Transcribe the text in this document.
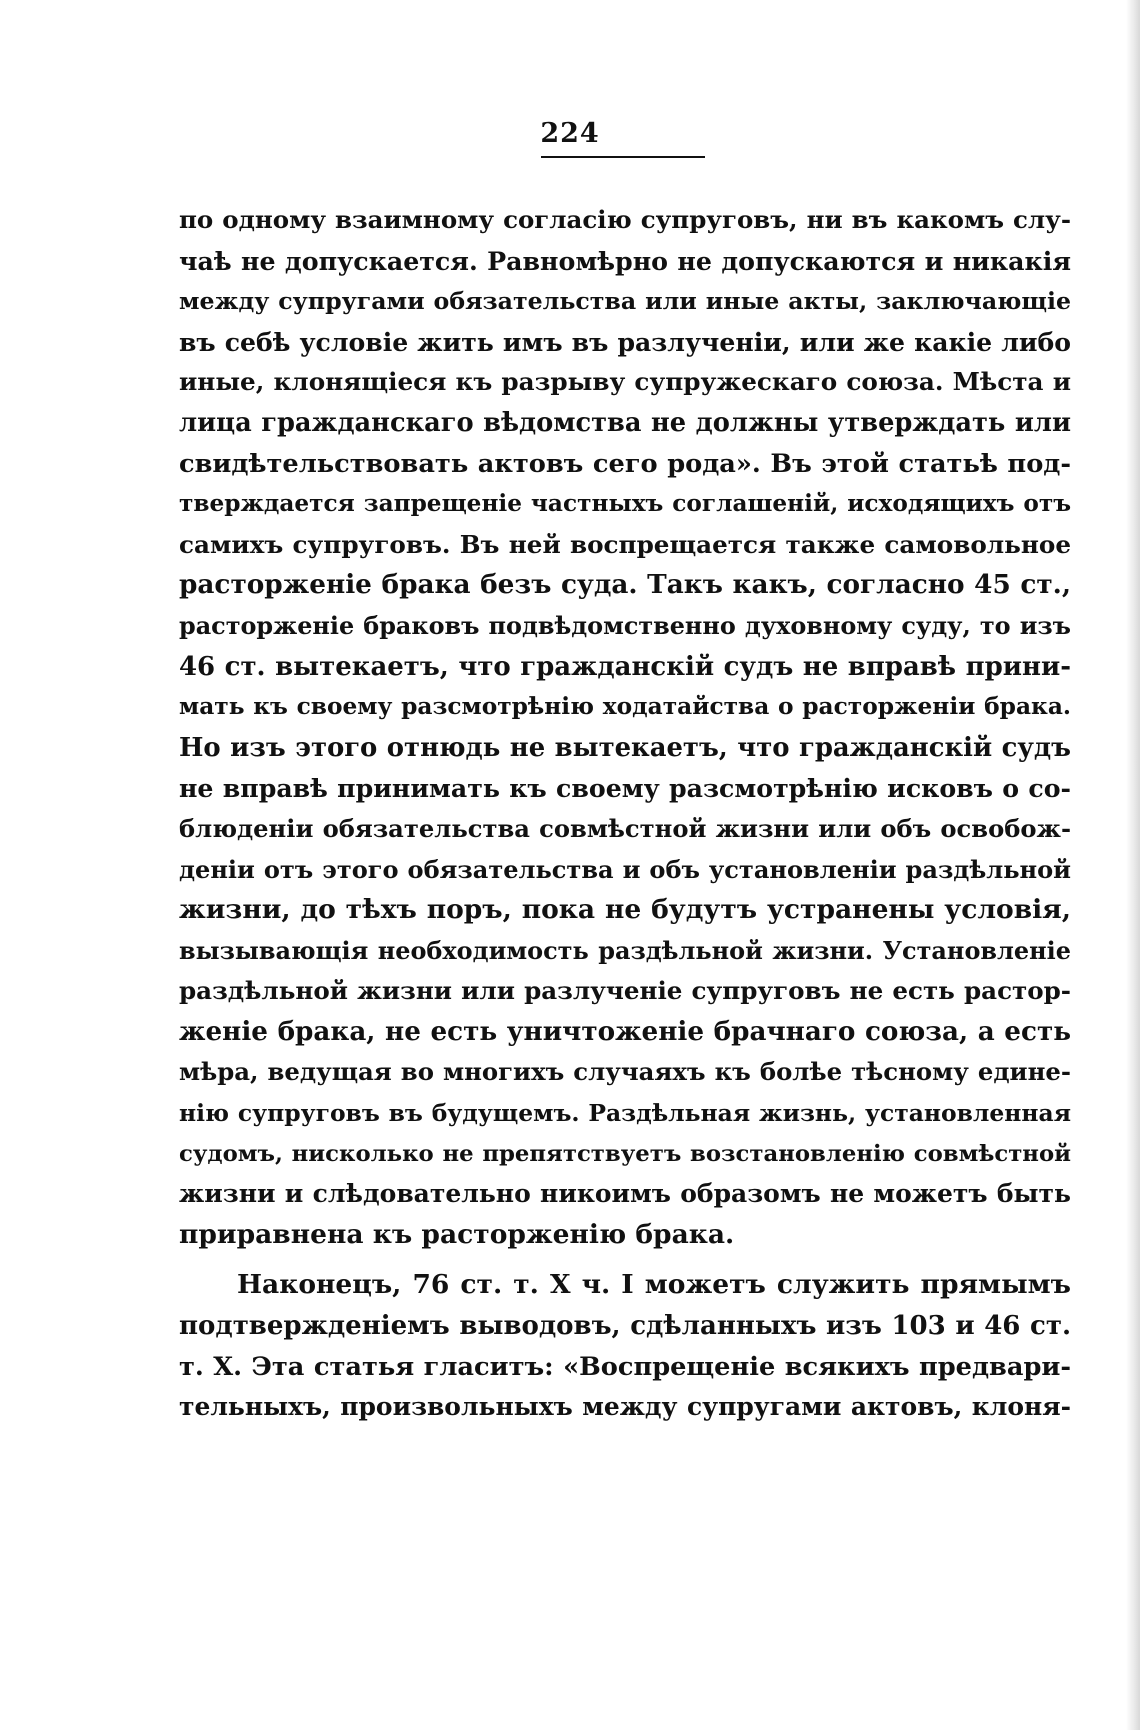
224
по одному взаимному согласію супруговъ, ни въ какомъ слу-
чаѣ не допускается. Равномѣрно не допускаются и никакія
между супругами обязательства или иные акты, заключающіе
въ себѣ условіе жить имъ въ разлученіи, или же какіе либо
иные, клонящіеся къ разрыву супружескаго союза. Мѣста и
лица гражданскаго вѣдомства не должны утверждать или
свидѣтельствовать актовъ сего рода». Въ этой статьѣ под-
тверждается запрещеніе частныхъ соглашеній, исходящихъ отъ
самихъ супруговъ. Въ ней воспрещается также самовольное
расторженіе брака безъ суда. Такъ какъ, согласно 45 ст.,
расторженіе браковъ подвѣдомственно духовному суду, то изъ
46 ст. вытекаетъ, что гражданскій судъ не вправѣ прини-
мать къ своему разсмотрѣнію ходатайства о расторженіи брака.
Но изъ этого отнюдь не вытекаетъ, что гражданскій судъ
не вправѣ принимать къ своему разсмотрѣнію исковъ о со-
блюденіи обязательства совмѣстной жизни или объ освобож-
деніи отъ этого обязательства и объ установленіи раздѣльной
жизни, до тѣхъ поръ, пока не будутъ устранены условія,
вызывающія необходимость раздѣльной жизни. Установленіе
раздѣльной жизни или разлученіе супруговъ не есть растор-
женіе брака, не есть уничтоженіе брачнаго союза, а есть
мѣра, ведущая во многихъ случаяхъ къ болѣе тѣсному едине-
нію супруговъ въ будущемъ. Раздѣльная жизнь, установленная
судомъ, нисколько не препятствуетъ возстановленію совмѣстной
жизни и слѣдовательно никоимъ образомъ не можетъ быть
приравнена къ расторженію брака.
Наконецъ, 76 ст. т. X ч. I можетъ служить прямымъ
подтвержденіемъ выводовъ, сдѣланныхъ изъ 103 и 46 ст.
т. X. Эта статья гласитъ: «Воспрещеніе всякихъ предвари-
тельныхъ, произвольныхъ между супругами актовъ, клоня-
